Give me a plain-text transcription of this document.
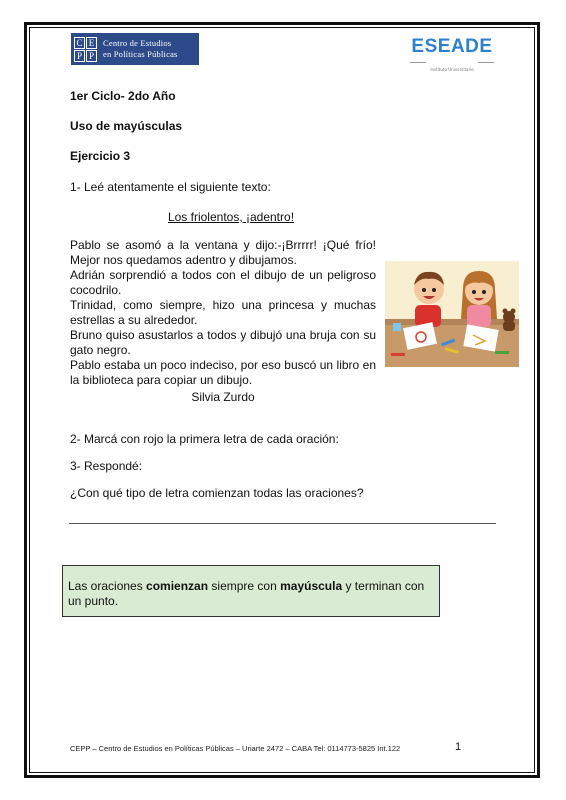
C E
P P
Centro de Estudios
en Políticas Públicas	ESEADE
Instituto Universitario

1er Ciclo- 2do Año

Uso de mayúsculas

Ejercicio 3

1- Leé atentamente el siguiente texto:

Los friolentos, ¡adentro!

Pablo se asomó a la ventana y dijo:-¡Brrrrr! ¡Qué frío! Mejor nos quedamos adentro y dibujamos.

Adrián sorprendió a todos con el dibujo de un peligroso cocodrilo.

Trinidad, como siempre, hizo una princesa y muchas estrellas a su alrededor.

Bruno quiso asustarlos a todos y dibujó una bruja con su gato negro.

Pablo estaba un poco indeciso, por eso buscó un libro en la biblioteca para copiar un dibujo.

Silvia Zurdo

2- Marcá con rojo la primera letra de cada oración:

3- Respondé:

¿Con qué tipo de letra comienzan todas las oraciones?

Las oraciones comienzan siempre con mayúscula y terminan con un punto.
CEPP – Centro de Estudios en Políticas Públicas – Uriarte 2472 – CABA Tel: 0114773-5825 Int.122	1
